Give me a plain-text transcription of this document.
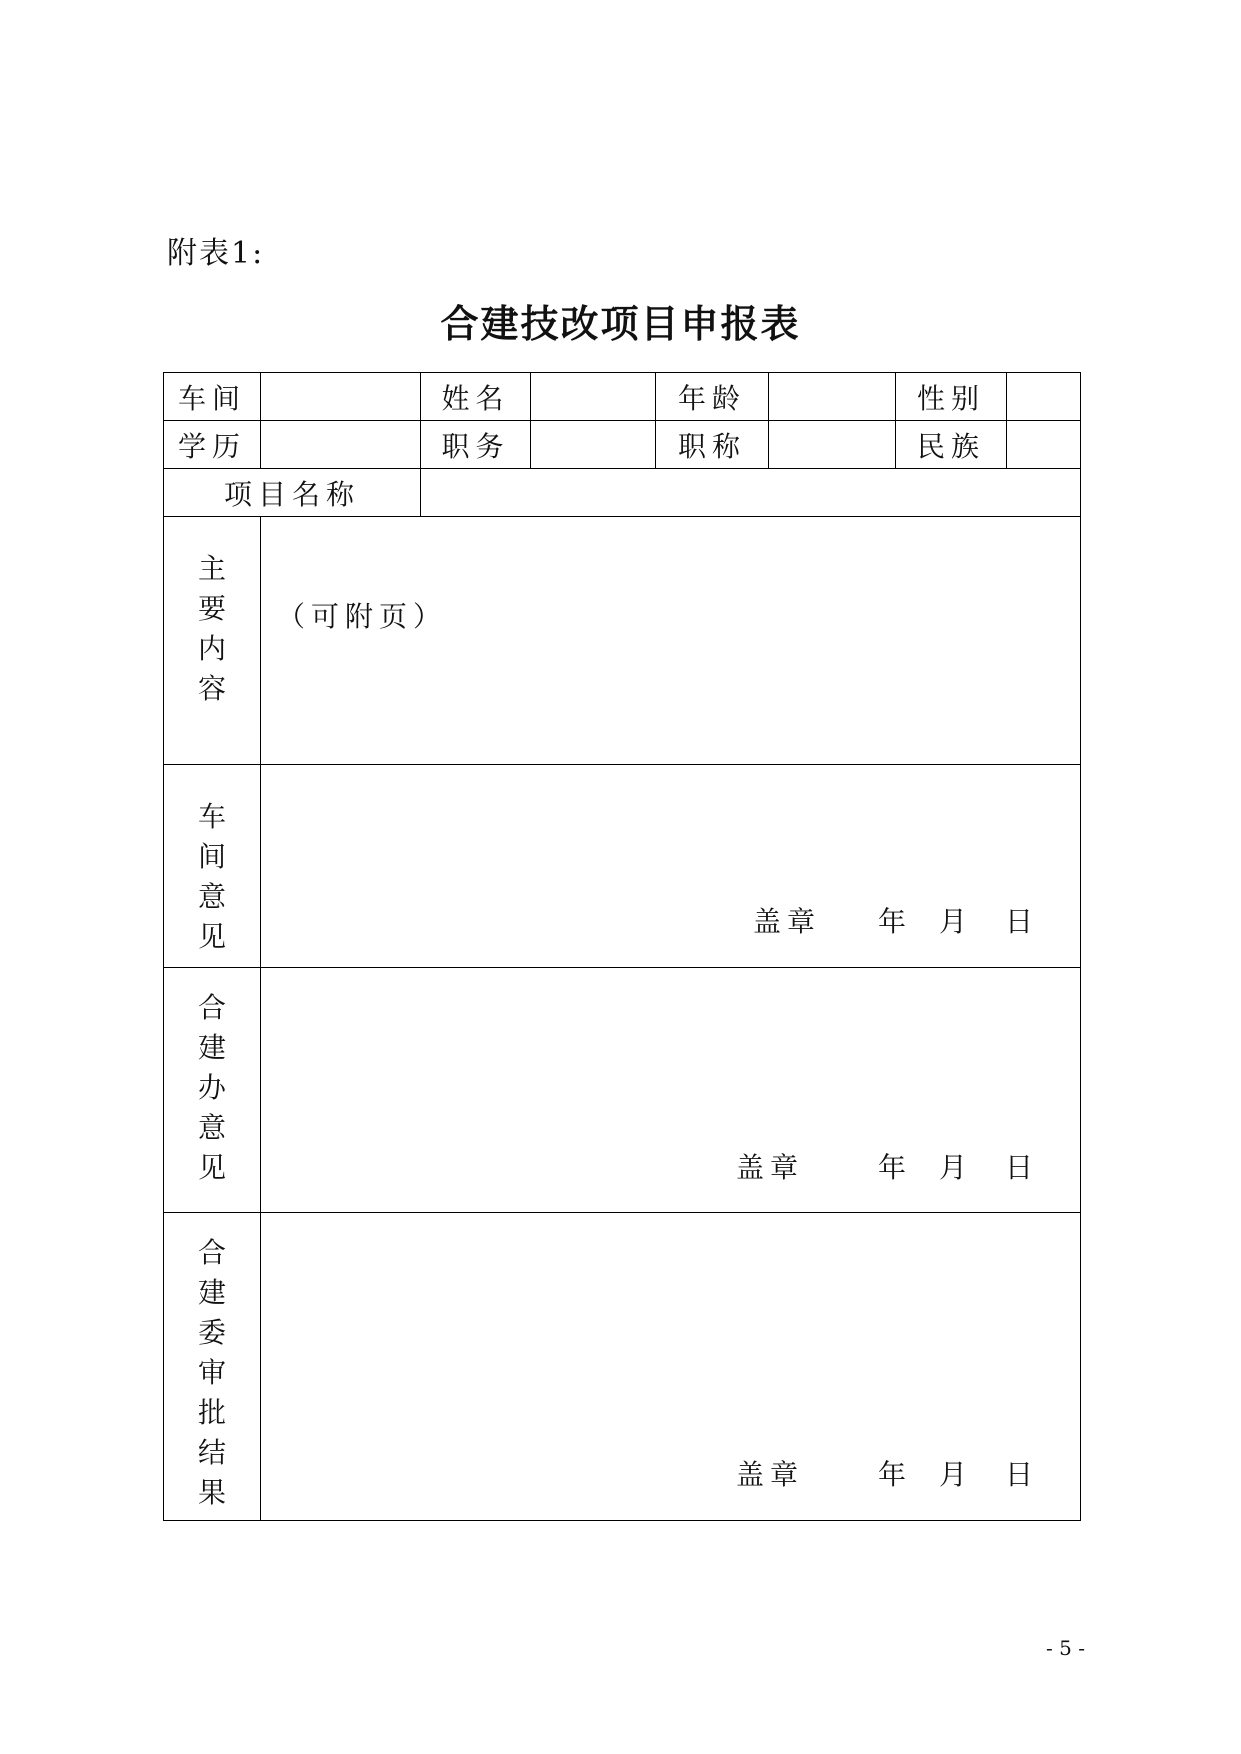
附表1:
合建技改项目申报表
车间		姓名		年龄		性别	
学历		职务		职称		民族	
项目名称							
主要内容	（可附页）						

车间意见	盖章 年 月 日						

合建办意见	盖章 年 月 日						

合建委审批结果	盖章 年 月 日						
- 5 -
